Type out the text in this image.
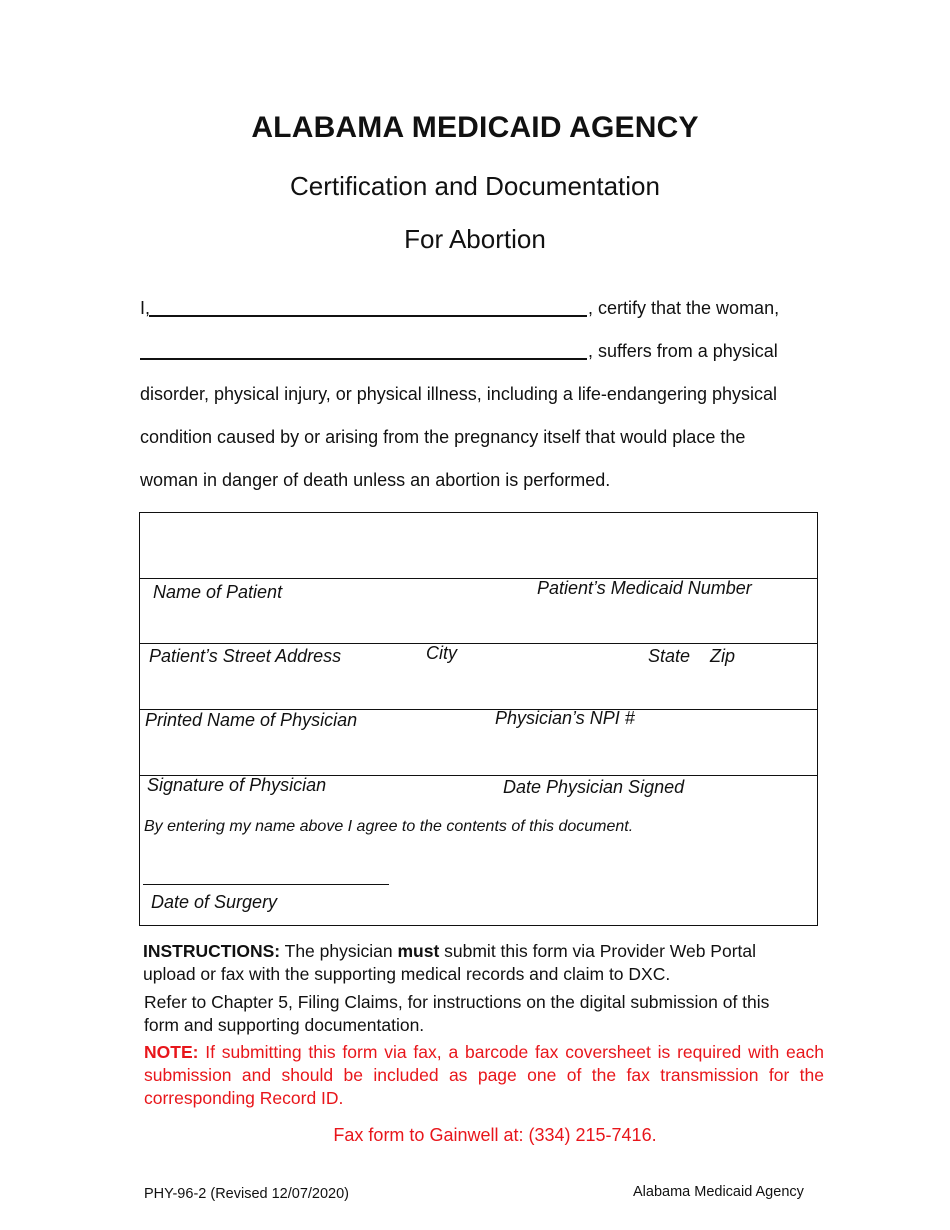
ALABAMA MEDICAID AGENCY
Certification and Documentation
For Abortion
I,	, certify that the woman,
, suffers from a physical
disorder, physical injury, or physical illness, including a life-endangering physical
condition caused by or arising from the pregnancy itself that would place the
woman in danger of death unless an abortion is performed.
Name of Patient	Patient’s Medicaid Number
Patient’s Street Address	City	State Zip
Printed Name of Physician	Physician’s NPI #
Signature of Physician	Date Physician Signed
By entering my name above I agree to the contents of this document.
Date of Surgery
INSTRUCTIONS: The physician must submit this form via Provider Web Portal upload or fax with the supporting medical records and claim to DXC.
Refer to Chapter 5, Filing Claims, for instructions on the digital submission of this form and supporting documentation.
NOTE: If submitting this form via fax, a barcode fax coversheet is required with each submission and should be included as page one of the fax transmission for the corresponding Record ID.
Fax form to Gainwell at: (334) 215-7416.
PHY-96-2 (Revised 12/07/2020)	Alabama Medicaid Agency
